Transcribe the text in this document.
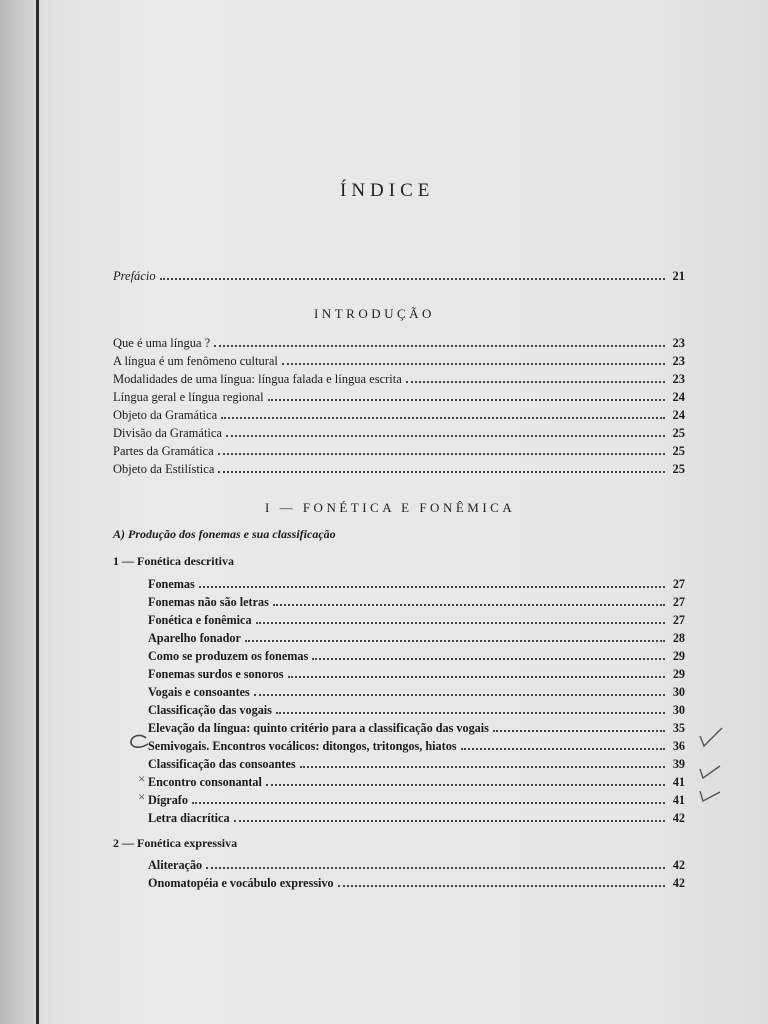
ÍNDICE
Prefácio	21
INTRODUÇÃO
Que é uma língua ?	23
A língua é um fenômeno cultural	23
Modalidades de uma língua: língua falada e língua escrita	23
Língua geral e língua regional	24
Objeto da Gramática	24
Divisão da Gramática	25
Partes da Gramática	25
Objeto da Estilística	25
I — FONÉTICA E FONÊMICA
A) Produção dos fonemas e sua classificação
1 — Fonética descritiva
Fonemas	27
Fonemas não são letras	27
Fonética e fonêmica	27
Aparelho fonador	28
Como se produzem os fonemas	29
Fonemas surdos e sonoros	29
Vogais e consoantes	30
Classificação das vogais	30
Elevação da língua: quinto critério para a classificação das vogais	35
Semivogais. Encontros vocálicos: ditongos, tritongos, hiatos	36
Classificação das consoantes	39
Encontro consonantal	41
Dígrafo	41
Letra diacrítica	42
2 — Fonética expressiva
Aliteração	42
Onomatopéia e vocábulo expressivo	42
×
×
